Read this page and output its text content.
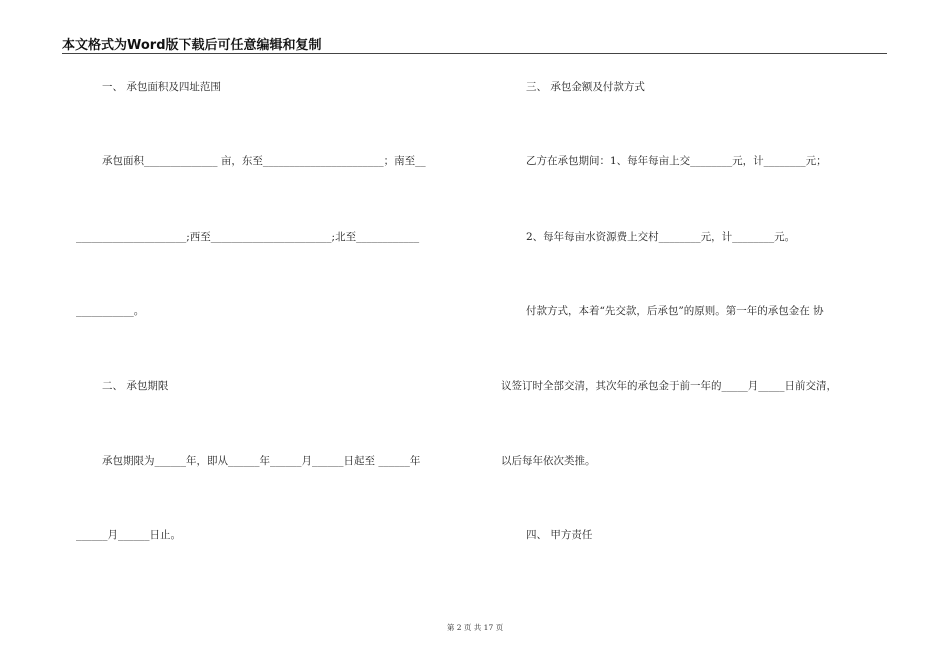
本文格式为Word版下载后可任意编辑和复制
一、 承包面积及四址范围
承包面积______________ 亩，东至_______________________；南至__
_____________________;西至_______________________;北至____________
___________。
二、 承包期限
承包期限为______年，即从______年______月______日起至 ______年
______月______日止。
三、 承包金额及付款方式
乙方在承包期间：1、每年每亩上交________元，计________元；
2、每年每亩水资源费上交村________元，计________元。
付款方式，本着“先交款，后承包”的原则。第一年的承包金在 协
议签订时全部交清，其次年的承包金于前一年的_____月_____日前交清，
以后每年依次类推。
四、 甲方责任
第 2 页 共 17 页
